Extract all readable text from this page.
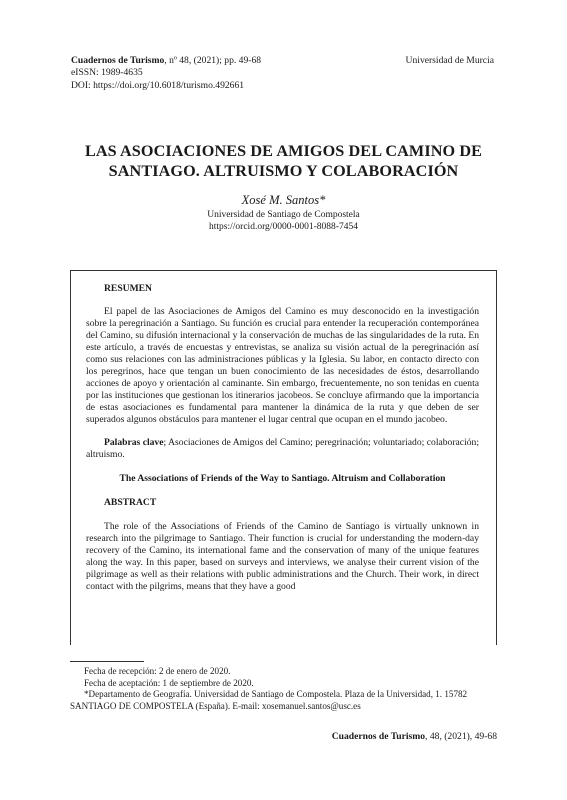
Cuadernos de Turismo, nº 48, (2021); pp. 49-68
eISSN: 1989-4635
DOI: https://doi.org/10.6018/turismo.492661
Universidad de Murcia
LAS ASOCIACIONES DE AMIGOS DEL CAMINO DE
SANTIAGO. ALTRUISMO Y COLABORACIÓN
Xosé M. Santos*
Universidad de Santiago de Compostela
https://orcid.org/0000-0001-8088-7454
RESUMEN

El papel de las Asociaciones de Amigos del Camino es muy desconocido en la investigación sobre la peregrinación a Santiago. Su función es crucial para entender la recuperación contemporánea del Camino, su difusión internacional y la conservación de muchas de las singularidades de la ruta. En este artículo, a través de encuestas y entrevistas, se analiza su visión actual de la peregrinación así como sus relaciones con las administraciones públicas y la Iglesia. Su labor, en contacto directo con los peregrinos, hace que tengan un buen conocimiento de las necesidades de éstos, desarrollando acciones de apoyo y orientación al caminante. Sin embargo, frecuentemente, no son tenidas en cuenta por las instituciones que gestionan los itinerarios jacobeos. Se concluye afirmando que la importancia de estas asociaciones es fundamental para mantener la dinámica de la ruta y que deben de ser superados algunos obstáculos para mantener el lugar central que ocupan en el mundo jacobeo.

Palabras clave; Asociaciones de Amigos del Camino; peregrinación; voluntariado; colaboración; altruismo.

The Associations of Friends of the Way to Santiago. Altruism and Collaboration
ABSTRACT

The role of the Associations of Friends of the Camino de Santiago is virtually unknown in research into the pilgrimage to Santiago. Their function is crucial for understanding the modern-day recovery of the Camino, its international fame and the conservation of many of the unique features along the way. In this paper, based on surveys and interviews, we analyse their current vision of the pilgrimage as well as their relations with public administrations and the Church. Their work, in direct contact with the pilgrims, means that they have a good

Fecha de recepción: 2 de enero de 2020.
Fecha de aceptación: 1 de septiembre de 2020.
*Departamento de Geografía. Universidad de Santiago de Compostela. Plaza de la Universidad, 1. 15782
SANTIAGO DE COMPOSTELA (España). E-mail: xosemanuel.santos@usc.es
Cuadernos de Turismo, 48, (2021), 49-68
